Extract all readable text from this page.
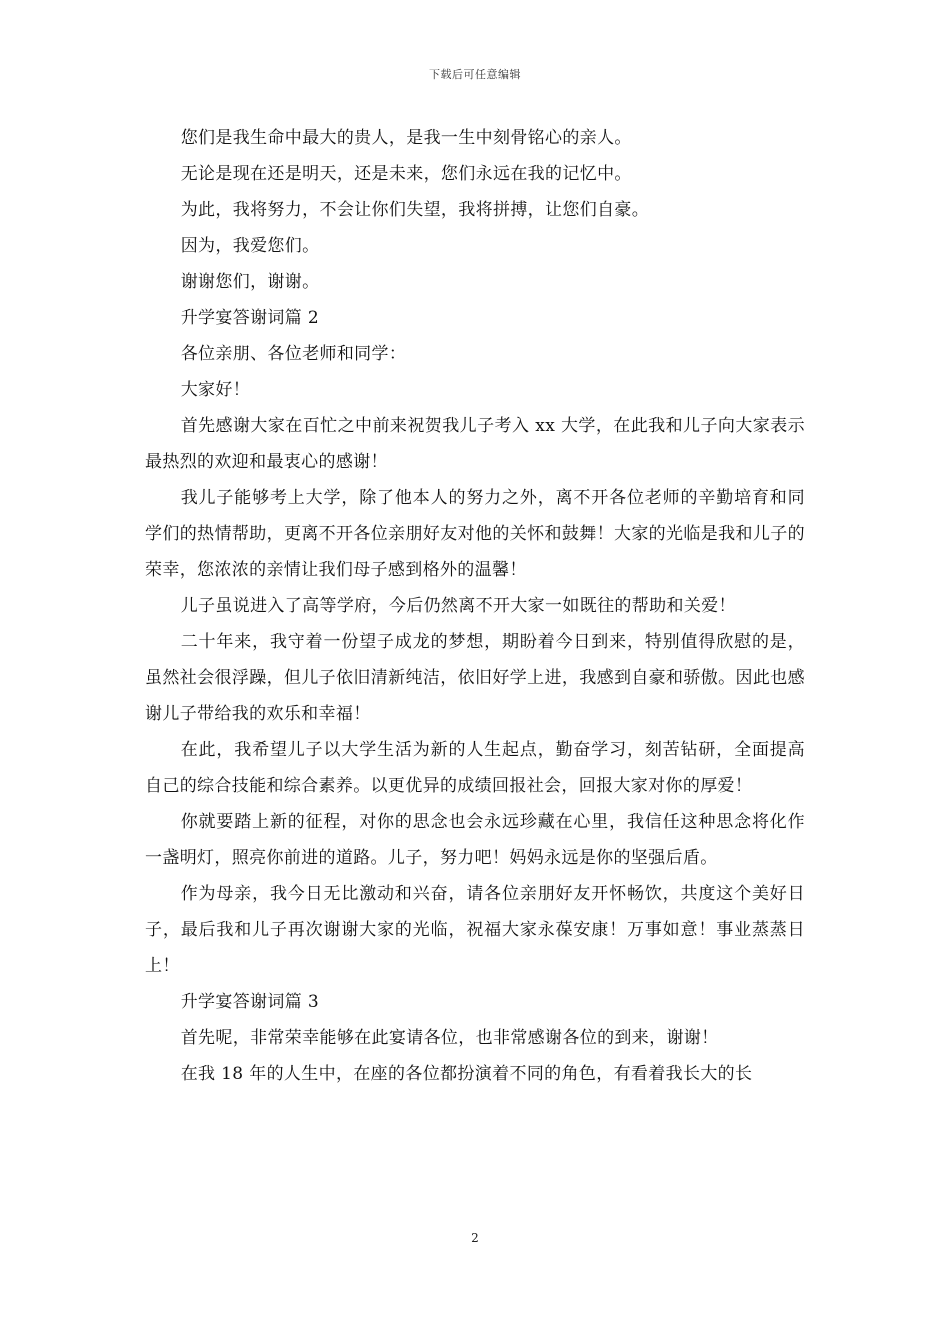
下载后可任意编辑

您们是我生命中最大的贵人，是我一生中刻骨铭心的亲人。

无论是现在还是明天，还是未来，您们永远在我的记忆中。

为此，我将努力，不会让你们失望，我将拼搏，让您们自豪。

因为，我爱您们。

谢谢您们，谢谢。

升学宴答谢词篇 2

各位亲朋、各位老师和同学：

大家好！

首先感谢大家在百忙之中前来祝贺我儿子考入 xx 大学，在此我和儿子向大家表示最热烈的欢迎和最衷心的感谢！

我儿子能够考上大学，除了他本人的努力之外，离不开各位老师的辛勤培育和同学们的热情帮助，更离不开各位亲朋好友对他的关怀和鼓舞！大家的光临是我和儿子的荣幸，您浓浓的亲情让我们母子感到格外的温馨！

儿子虽说进入了高等学府，今后仍然离不开大家一如既往的帮助和关爱！

二十年来，我守着一份望子成龙的梦想，期盼着今日到来，特别值得欣慰的是，虽然社会很浮躁，但儿子依旧清新纯洁，依旧好学上进，我感到自豪和骄傲。因此也感谢儿子带给我的欢乐和幸福！

在此，我希望儿子以大学生活为新的人生起点，勤奋学习，刻苦钻研，全面提高自己的综合技能和综合素养。以更优异的成绩回报社会，回报大家对你的厚爱！

你就要踏上新的征程，对你的思念也会永远珍藏在心里，我信任这种思念将化作一盏明灯，照亮你前进的道路。儿子，努力吧！妈妈永远是你的坚强后盾。

作为母亲，我今日无比激动和兴奋，请各位亲朋好友开怀畅饮，共度这个美好日子，最后我和儿子再次谢谢大家的光临，祝福大家永葆安康！万事如意！事业蒸蒸日上！

升学宴答谢词篇 3

首先呢，非常荣幸能够在此宴请各位，也非常感谢各位的到来，谢谢！

在我 18 年的人生中，在座的各位都扮演着不同的角色，有看着我长大的长

2
